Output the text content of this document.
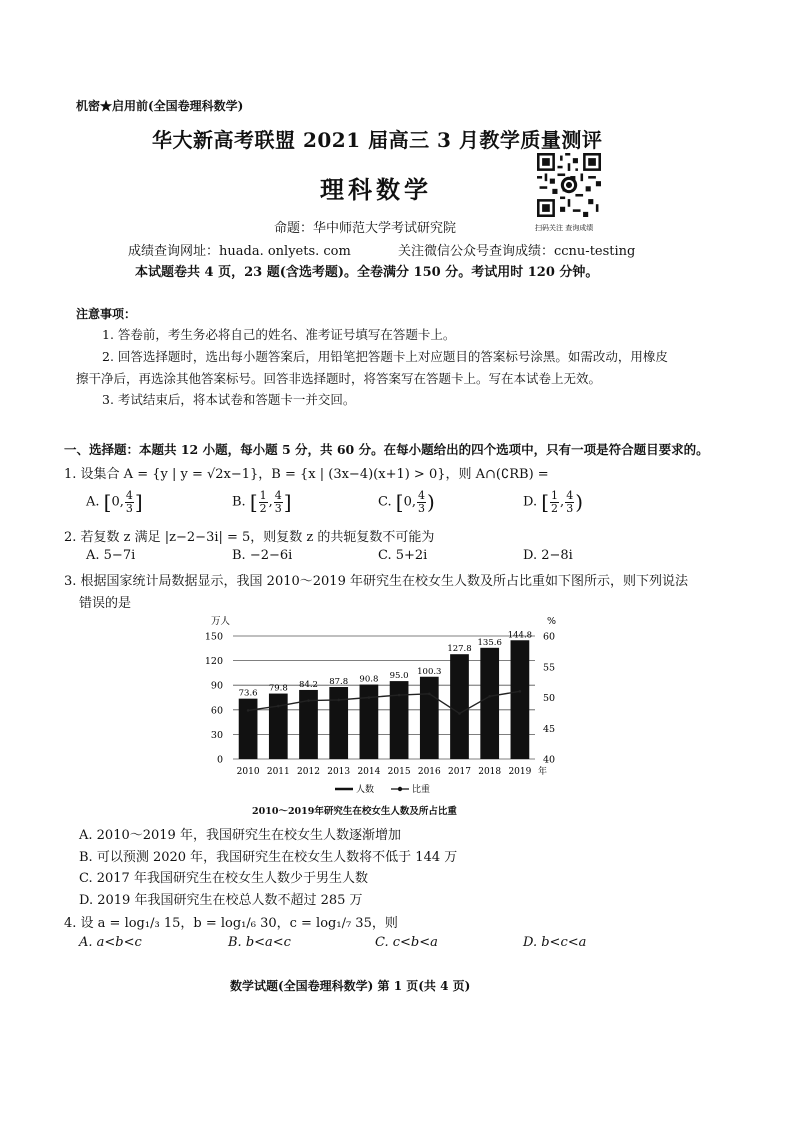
机密★启用前(全国卷理科数学)
华大新高考联盟 2021 届高三 3 月教学质量测评
理科数学
扫码关注 查询成绩
命题：华中师范大学考试研究院
成绩查询网址：huada. onlyets. com	关注微信公众号查询成绩：ccnu-testing
本试题卷共 4 页，23 题(含选考题)。全卷满分 150 分。考试用时 120 分钟。
注意事项：
1. 答卷前，考生务必将自己的姓名、准考证号填写在答题卡上。
2. 回答选择题时，选出每小题答案后，用铅笔把答题卡上对应题目的答案标号涂黑。如需改动，用橡皮
擦干净后，再选涂其他答案标号。回答非选择题时，将答案写在答题卡上。写在本试卷上无效。
3. 考试结束后，将本试卷和答题卡一并交回。
一、选择题：本题共 12 小题，每小题 5 分，共 60 分。在每小题给出的四个选项中，只有一项是符合题目要求的。
1. 设集合 A = {y | y = √2x−1}，B = {x | (3x−4)(x+1) > 0}，则 A∩(∁RB) =
A. [0, $\frac{4}{3}$ ]	B. [ $\frac{1}{2}$ , $\frac{4}{3}$ ]	C. [0, $\frac{4}{3}$ )	D. [ $\frac{1}{2}$ , $\frac{4}{3}$ )
2. 若复数 z 满足 |z−2−3i| = 5，则复数 z 的共轭复数不可能为
A. 5−7i	B. −2−6i	C. 5+2i	D. 2−8i
3. 根据国家统计局数据显示，我国 2010～2019 年研究生在校女生人数及所占比重如下图所示，则下列说法
错误的是
0
30
60
90
120
150
40
45
50
55
60
万人	%
73.6
79.8 84.2 87.8 90.8 95.0 100.3
127.8
135.6
144.8
2010 2011 2012 2013 2014 2015 2016 2017 2018 2019 年
人数	比重
2010～2019年研究生在校女生人数及所占比重
A. 2010～2019 年，我国研究生在校女生人数逐渐增加
B. 可以预测 2020 年，我国研究生在校女生人数将不低于 144 万
C. 2017 年我国研究生在校女生人数少于男生人数
D. 2019 年我国研究生在校总人数不超过 285 万
4. 设 a = log₁/₃ 15，b = log₁/₆ 30，c = log₁/₇ 35，则
A. a<b<c	B. b<a<c	C. c<b<a	D. b<c<a
数学试题(全国卷理科数学) 第 1 页(共 4 页)
